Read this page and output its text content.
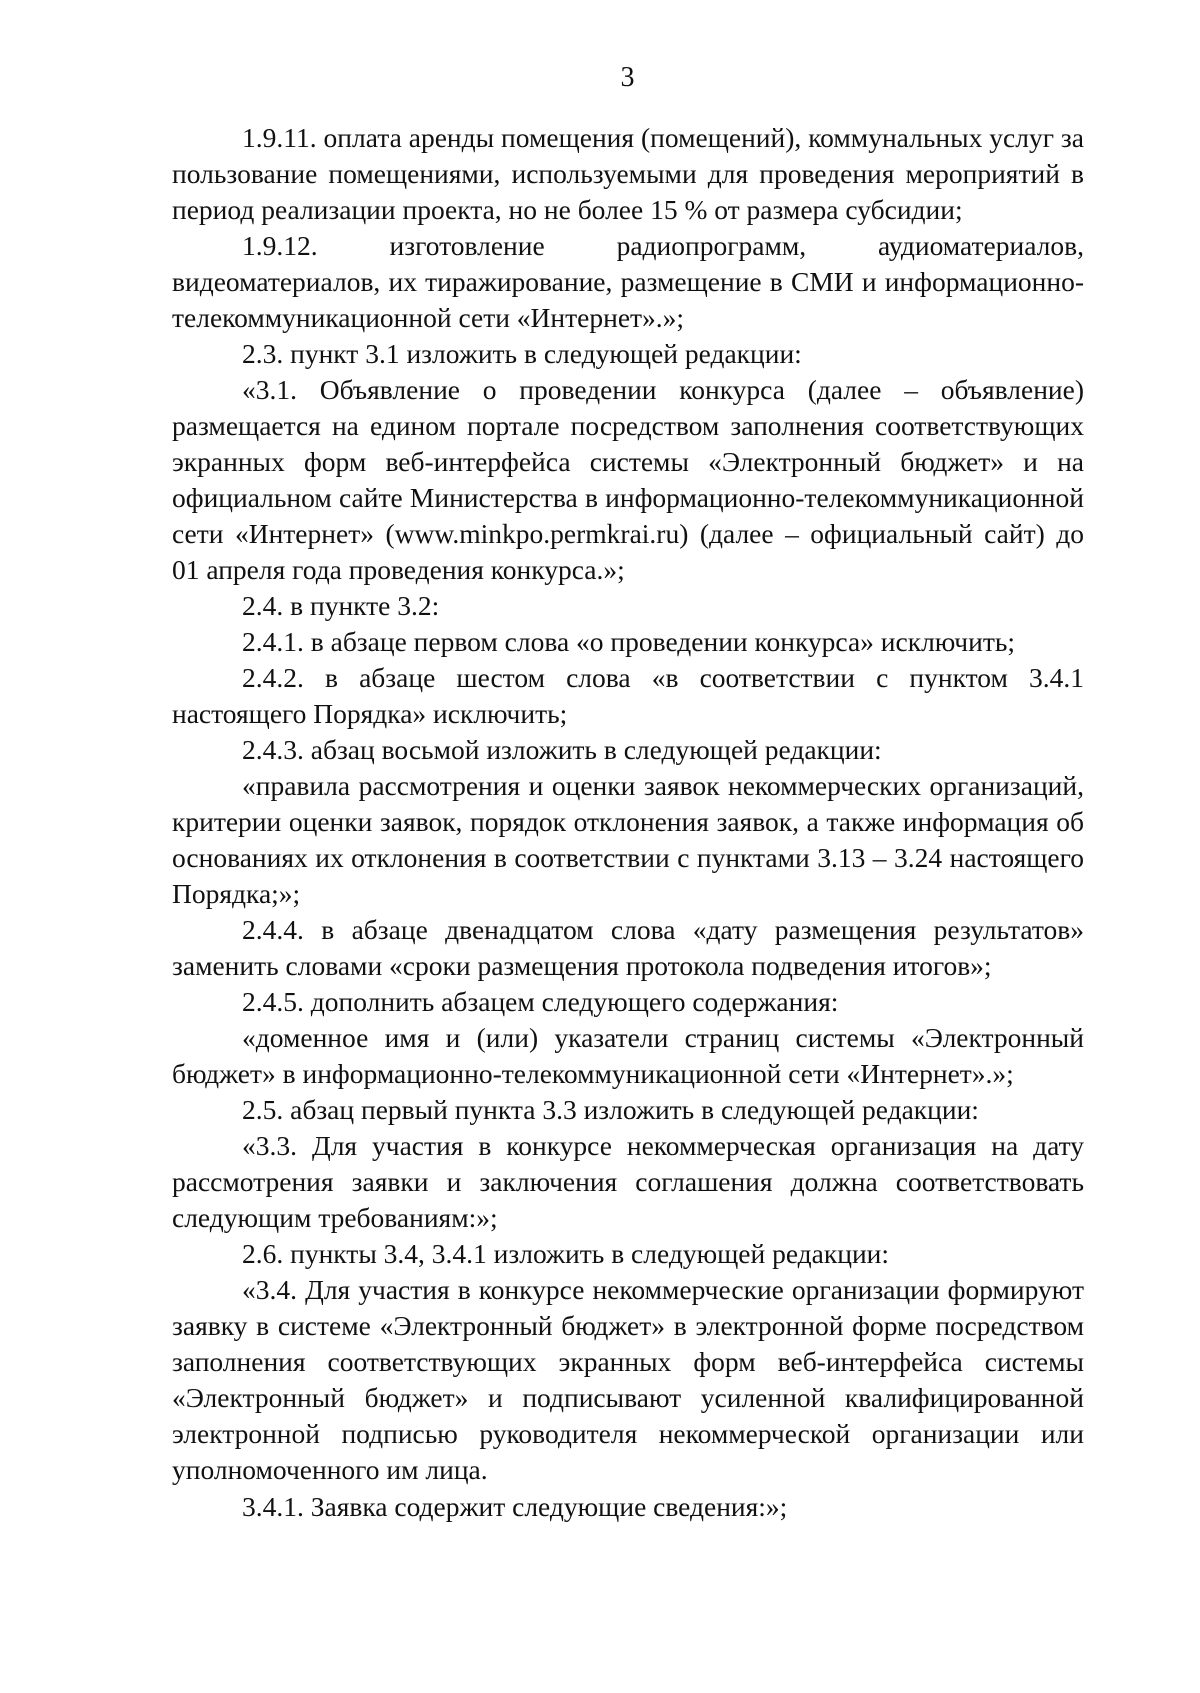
3

1.9.11. оплата аренды помещения (помещений), коммунальных услуг за пользование помещениями, используемыми для проведения мероприятий в период реализации проекта, но не более 15 % от размера субсидии;

1.9.12. изготовление радиопрограмм, аудиоматериалов, видеоматериалов, их тиражирование, размещение в СМИ и информационно-телекоммуникационной сети «Интернет».»;

2.3. пункт 3.1 изложить в следующей редакции:

«3.1. Объявление о проведении конкурса (далее – объявление) размещается на едином портале посредством заполнения соответствующих экранных форм веб-интерфейса системы «Электронный бюджет» и на официальном сайте Министерства в информационно-телекоммуникационной сети «Интернет» (www.minkpo.permkrai.ru) (далее – официальный сайт) до 01 апреля года проведения конкурса.»;

2.4. в пункте 3.2:

2.4.1. в абзаце первом слова «о проведении конкурса» исключить;

2.4.2. в абзаце шестом слова «в соответствии с пунктом 3.4.1 настоящего Порядка» исключить;

2.4.3. абзац восьмой изложить в следующей редакции:

«правила рассмотрения и оценки заявок некоммерческих организаций, критерии оценки заявок, порядок отклонения заявок, а также информация об основаниях их отклонения в соответствии с пунктами 3.13 – 3.24 настоящего Порядка;»;

2.4.4. в абзаце двенадцатом слова «дату размещения результатов» заменить словами «сроки размещения протокола подведения итогов»;

2.4.5. дополнить абзацем следующего содержания:

«доменное имя и (или) указатели страниц системы «Электронный бюджет» в информационно-телекоммуникационной сети «Интернет».»;

2.5. абзац первый пункта 3.3 изложить в следующей редакции:

«3.3. Для участия в конкурсе некоммерческая организация на дату рассмотрения заявки и заключения соглашения должна соответствовать следующим требованиям:»;

2.6. пункты 3.4, 3.4.1 изложить в следующей редакции:

«3.4. Для участия в конкурсе некоммерческие организации формируют заявку в системе «Электронный бюджет» в электронной форме посредством заполнения соответствующих экранных форм веб-интерфейса системы «Электронный бюджет» и подписывают усиленной квалифицированной электронной подписью руководителя некоммерческой организации или уполномоченного им лица.

3.4.1. Заявка содержит следующие сведения:»;
